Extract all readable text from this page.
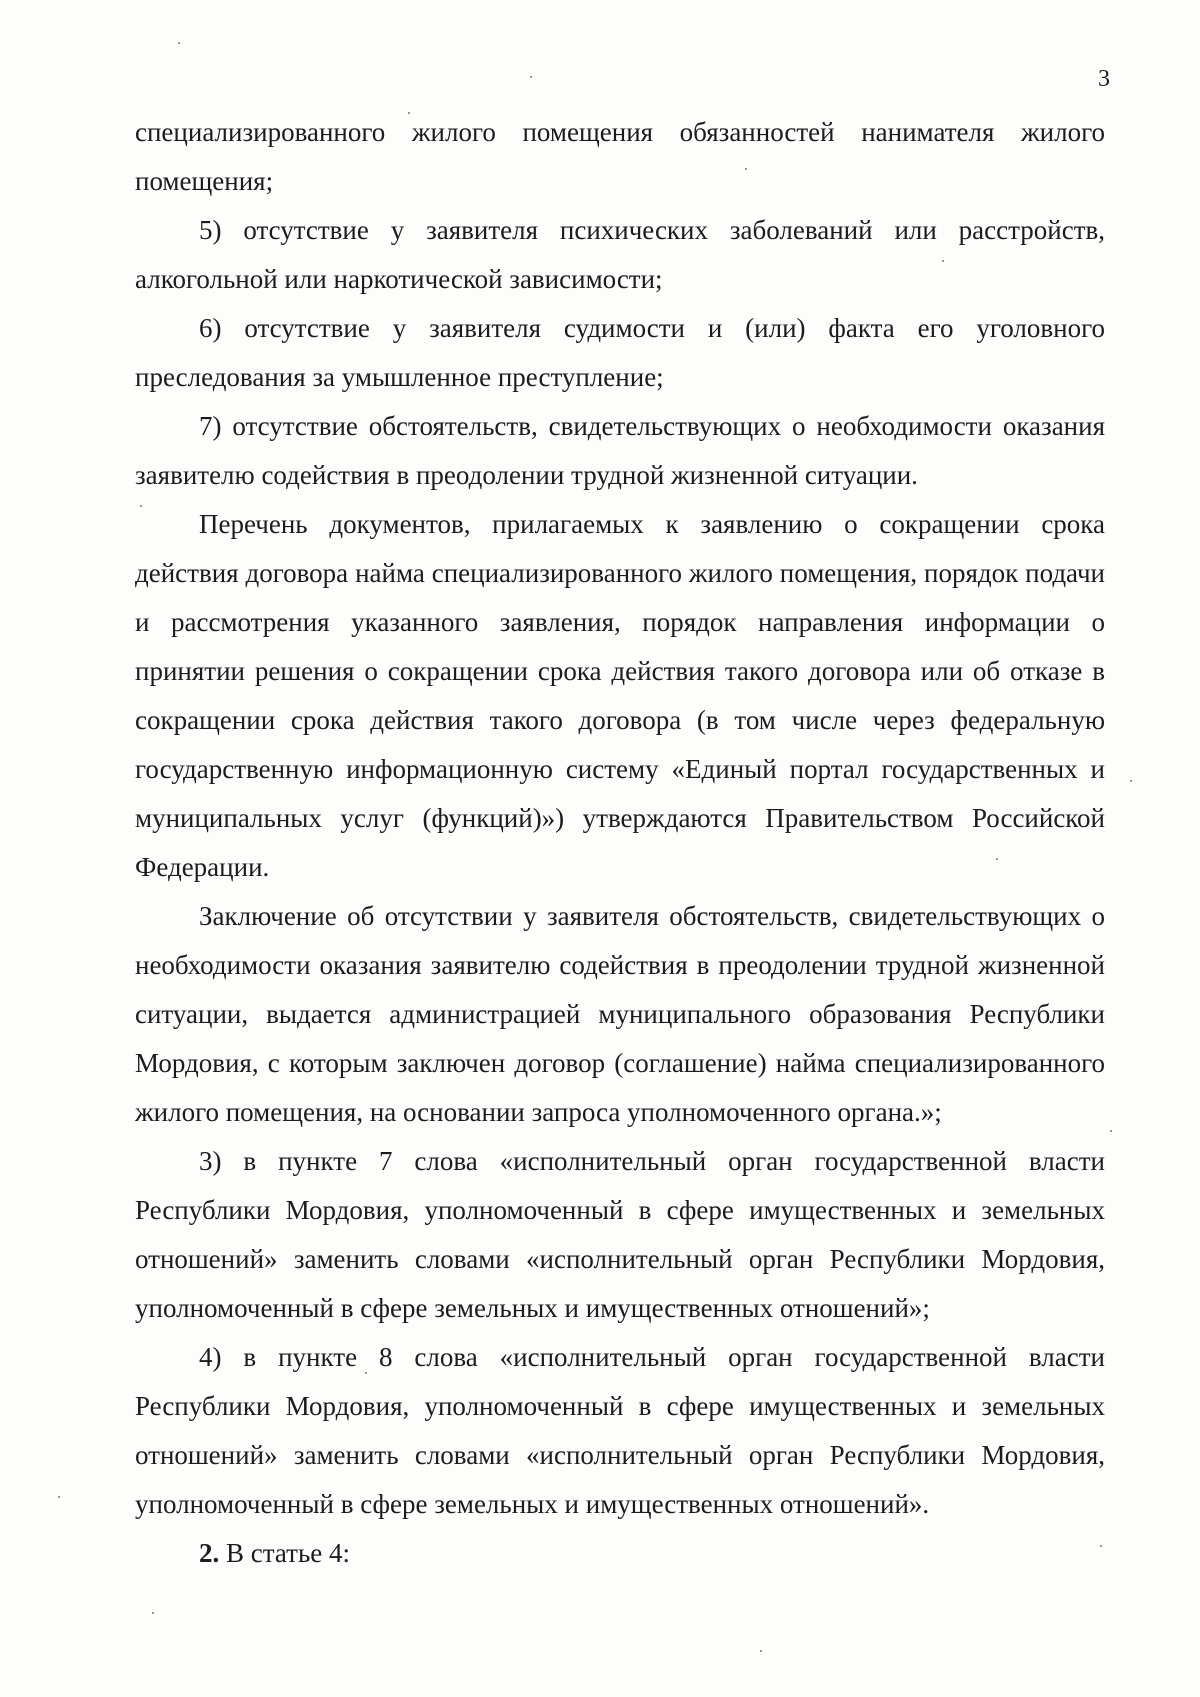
3

специализированного жилого помещения обязанностей нанимателя жилого помещения;

5) отсутствие у заявителя психических заболеваний или расстройств, алкогольной или наркотической зависимости;

6) отсутствие у заявителя судимости и (или) факта его уголовного преследования за умышленное преступление;

7) отсутствие обстоятельств, свидетельствующих о необходимости оказания заявителю содействия в преодолении трудной жизненной ситуации.

Перечень документов, прилагаемых к заявлению о сокращении срока действия договора найма специализированного жилого помещения, порядок подачи и рассмотрения указанного заявления, порядок направления информации о принятии решения о сокращении срока действия такого договора или об отказе в сокращении срока действия такого договора (в том числе через федеральную государственную информационную систему «Единый портал государственных и муниципальных услуг (функций)») утверждаются Правительством Российской Федерации.

Заключение об отсутствии у заявителя обстоятельств, свидетельствующих о необходимости оказания заявителю содействия в преодолении трудной жизненной ситуации, выдается администрацией муниципального образования Республики Мордовия, с которым заключен договор (соглашение) найма специализированного жилого помещения, на основании запроса уполномоченного органа.»;

3) в пункте 7 слова «исполнительный орган государственной власти Республики Мордовия, уполномоченный в сфере имущественных и земельных отношений» заменить словами «исполнительный орган Республики Мордовия, уполномоченный в сфере земельных и имущественных отношений»;

4) в пункте 8 слова «исполнительный орган государственной власти Республики Мордовия, уполномоченный в сфере имущественных и земельных отношений» заменить словами «исполнительный орган Республики Мордовия, уполномоченный в сфере земельных и имущественных отношений».

2. В статье 4:
